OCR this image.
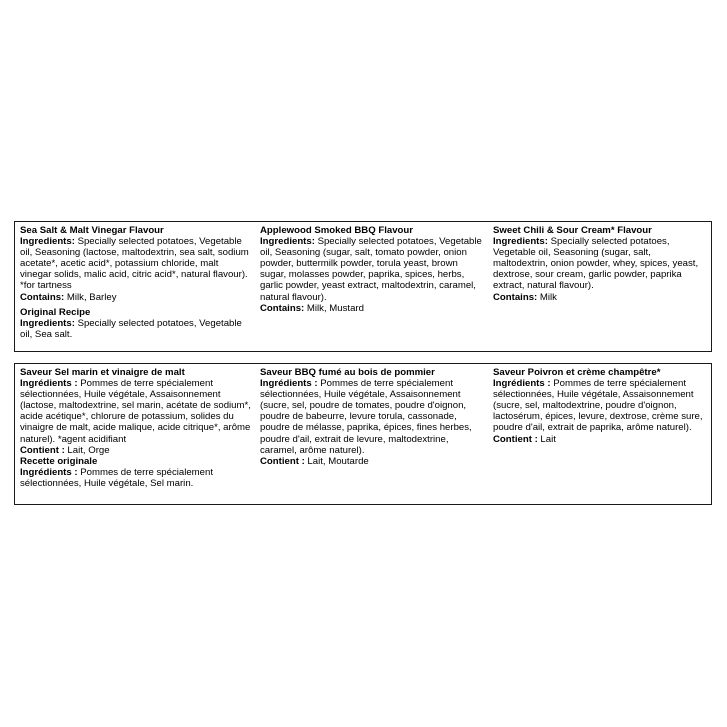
Sea Salt & Malt Vinegar Flavour
Ingredients: Specially selected potatoes, Vegetable oil, Seasoning (lactose, maltodextrin, sea salt, sodium acetate*, acetic acid*, potassium chloride, malt vinegar solids, malic acid, citric acid*, natural flavour). *for tartness
Contains: Milk, Barley
Original Recipe
Ingredients: Specially selected potatoes, Vegetable oil, Sea salt.
Applewood Smoked BBQ Flavour
Ingredients: Specially selected potatoes, Vegetable oil, Seasoning (sugar, salt, tomato powder, onion powder, buttermilk powder, torula yeast, brown sugar, molasses powder, paprika, spices, herbs, garlic powder, yeast extract, maltodextrin, caramel, natural flavour).
Contains: Milk, Mustard
Sweet Chili & Sour Cream* Flavour
Ingredients: Specially selected potatoes, Vegetable oil, Seasoning (sugar, salt, maltodextrin, onion powder, whey, spices, yeast, dextrose, sour cream, garlic powder, paprika extract, natural flavour).
Contains: Milk
Saveur Sel marin et vinaigre de malt
Ingrédients : Pommes de terre spécialement sélectionnées, Huile végétale, Assaisonnement (lactose, maltodextrine, sel marin, acétate de sodium*, acide acétique*, chlorure de potassium, solides du vinaigre de malt, acide malique, acide citrique*, arôme naturel). *agent acidifiant
Contient : Lait, Orge
Recette originale
Ingrédients : Pommes de terre spécialement sélectionnées, Huile végétale, Sel marin.
Saveur BBQ fumé au bois de pommier
Ingrédients : Pommes de terre spécialement sélectionnées, Huile végétale, Assaisonnement (sucre, sel, poudre de tomates, poudre d'oignon, poudre de babeurre, levure torula, cassonade, poudre de mélasse, paprika, épices, fines herbes, poudre d'ail, extrait de levure, maltodextrine, caramel, arôme naturel).
Contient : Lait, Moutarde
Saveur Poivron et crème champêtre*
Ingrédients : Pommes de terre spécialement sélectionnées, Huile végétale, Assaisonnement (sucre, sel, maltodextrine, poudre d'oignon, lactosérum, épices, levure, dextrose, crème sure, poudre d'ail, extrait de paprika, arôme naturel).
Contient : Lait
